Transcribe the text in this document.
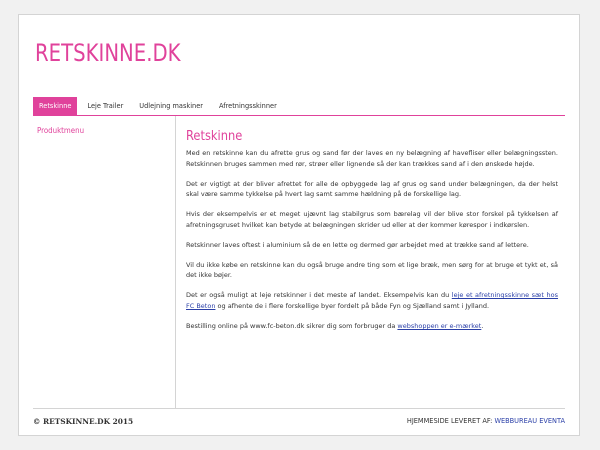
RETSKINNE.DK
Retskinne	Leje Trailer	Udlejning maskiner	Afretningsskinner
Produktmenu	Retskinne

Med en retskinne kan du afrette grus og sand før der laves en ny belægning af havefliser eller belægningssten. Retskinnen bruges sammen med rør, strøer eller lignende så der kan trækkes sand af i den ønskede højde.

Det er vigtigt at der bliver afrettet for alle de opbyggede lag af grus og sand under belægningen, da der helst skal være samme tykkelse på hvert lag samt samme hældning på de forskellige lag.

Hvis der eksempelvis er et meget ujævnt lag stabilgrus som bærelag vil der blive stor forskel på tykkelsen af afretningsgruset hvilket kan betyde at belægningen skrider ud eller at der kommer kørespor i indkørslen.

Retskinner laves oftest i aluminium så de en lette og dermed gør arbejdet med at trække sand af lettere.

Vil du ikke købe en retskinne kan du også bruge andre ting som et lige bræk, men sørg for at bruge et tykt et, så det ikke bøjer.

Det er også muligt at leje retskinner i det meste af landet. Eksempelvis kan du leje et afretningsskinne sæt hos FC Beton og afhente de i flere forskellige byer fordelt på både Fyn og Sjælland samt i Jylland.

Bestilling online på www.fc-beton.dk sikrer dig som forbruger da webshoppen er e-mærket.

© RETSKINNE.DK 2015	HJEMMESIDE LEVERET AF: WEBBUREAU EVENTA
